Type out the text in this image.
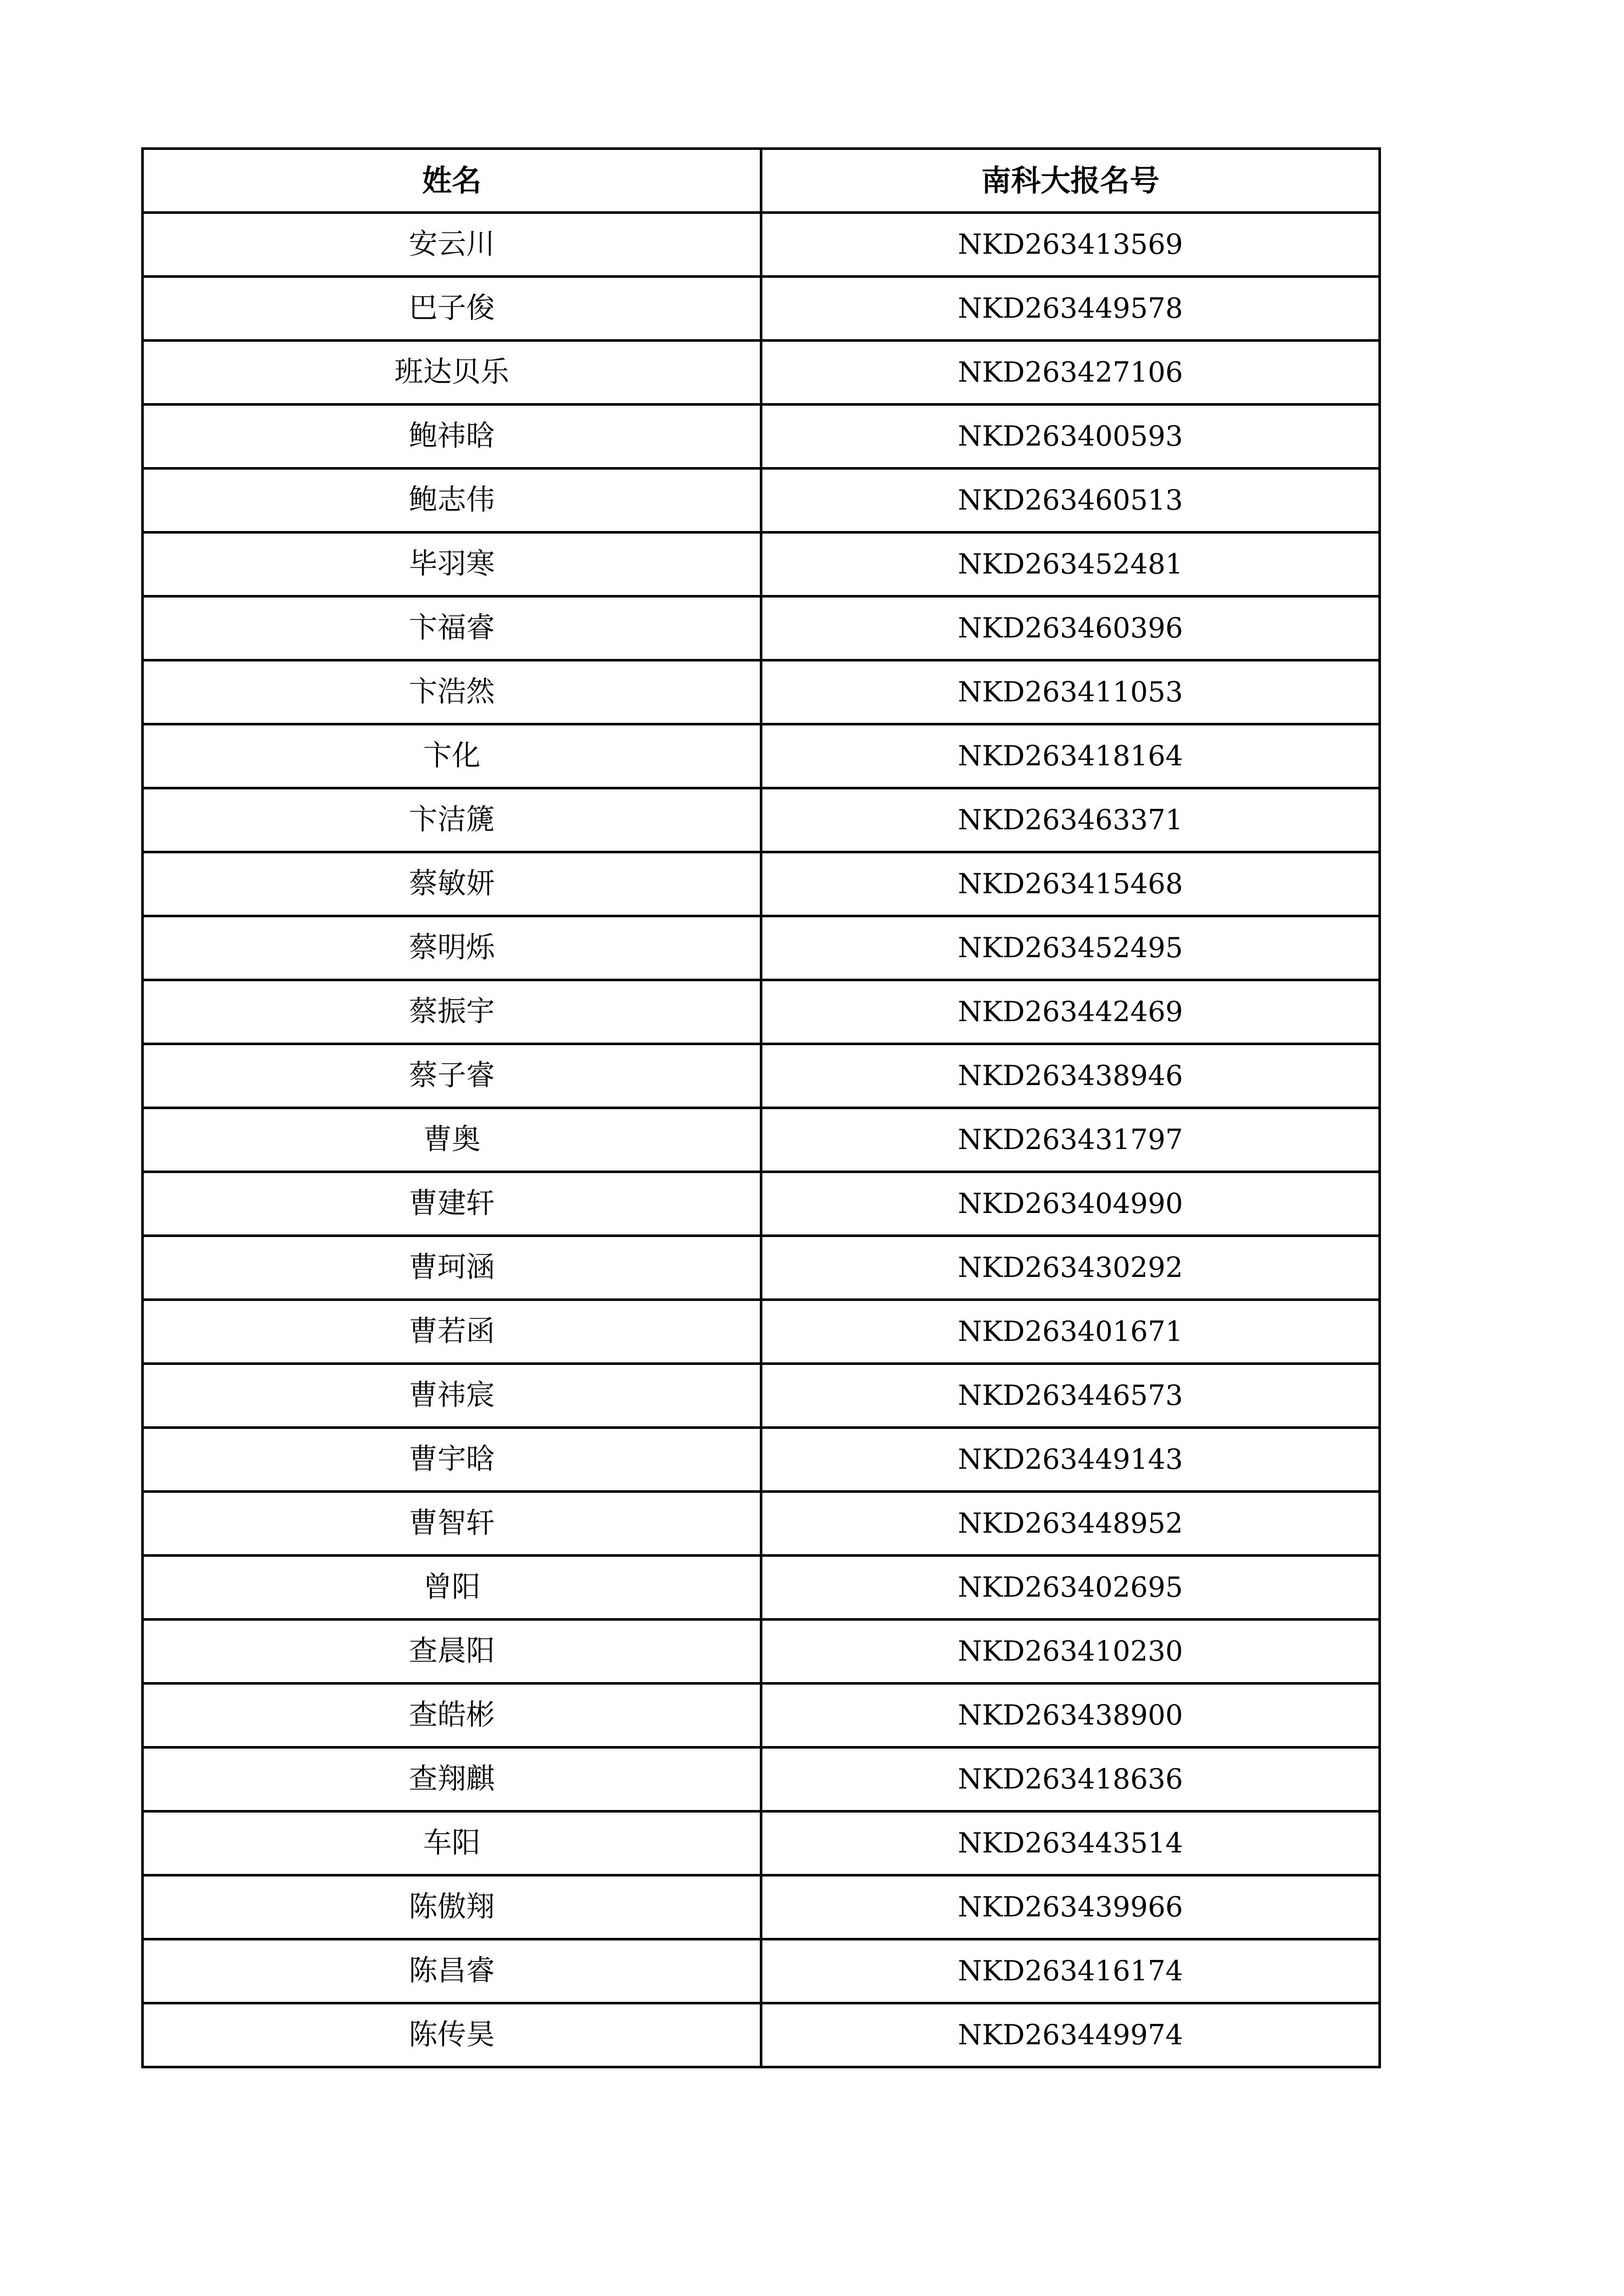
姓名	南科大报名号
安云川	NKD263413569
巴子俊	NKD263449578
班达贝乐	NKD263427106
鲍祎晗	NKD263400593
鲍志伟	NKD263460513
毕羽寒	NKD263452481
卞福睿	NKD263460396
卞浩然	NKD263411053
卞化	NKD263418164
卞洁篪	NKD263463371
蔡敏妍	NKD263415468
蔡明烁	NKD263452495
蔡振宇	NKD263442469
蔡子睿	NKD263438946
曹奥	NKD263431797
曹建轩	NKD263404990
曹珂涵	NKD263430292
曹若函	NKD263401671
曹祎宸	NKD263446573
曹宇晗	NKD263449143
曹智轩	NKD263448952
曾阳	NKD263402695
查晨阳	NKD263410230
查皓彬	NKD263438900
查翔麒	NKD263418636
车阳	NKD263443514
陈傲翔	NKD263439966
陈昌睿	NKD263416174
陈传昊	NKD263449974
